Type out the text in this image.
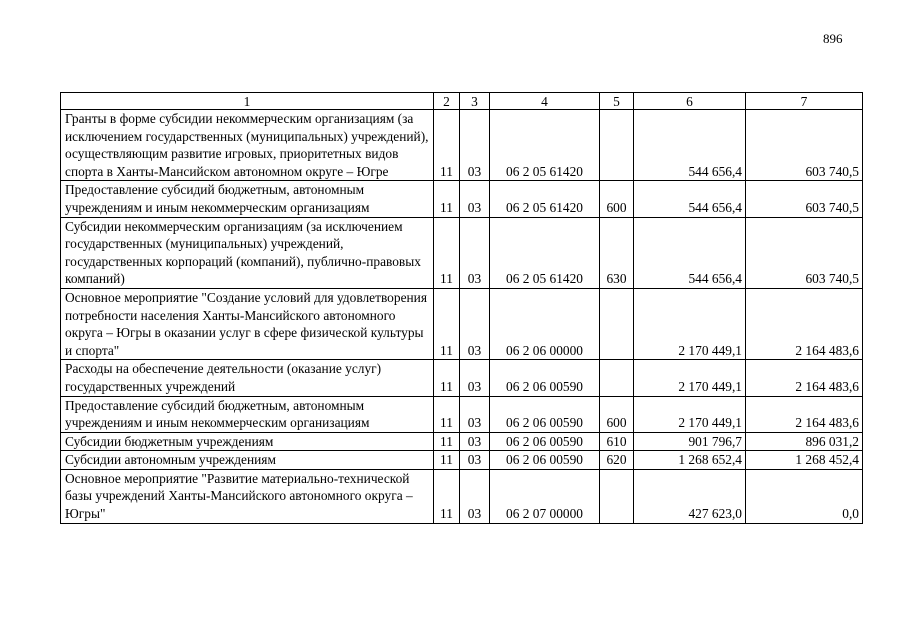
896
1	2	3	4	5	6	7
Гранты в форме субсидии некоммерческим организациям (за исключением государственных (муниципальных) учреждений), осуществляющим развитие игровых, приоритетных видов спорта в Ханты-Мансийском автономном округе – Югре	11	03	06 2 05 61420		544 656,4	603 740,5
Предоставление субсидий бюджетным, автономным учреждениям и иным некоммерческим организациям	11	03	06 2 05 61420	600	544 656,4	603 740,5
Субсидии некоммерческим организациям (за исключением государственных (муниципальных) учреждений, государственных корпораций (компаний), публично-правовых компаний)	11	03	06 2 05 61420	630	544 656,4	603 740,5
Основное мероприятие "Создание условий для удовлетворения потребности населения Ханты-Мансийского автономного округа – Югры в оказании услуг в сфере физической культуры и спорта"	11	03	06 2 06 00000		2 170 449,1	2 164 483,6
Расходы на обеспечение деятельности (оказание услуг) государственных учреждений	11	03	06 2 06 00590		2 170 449,1	2 164 483,6
Предоставление субсидий бюджетным, автономным учреждениям и иным некоммерческим организациям	11	03	06 2 06 00590	600	2 170 449,1	2 164 483,6
Субсидии бюджетным учреждениям	11	03	06 2 06 00590	610	901 796,7	896 031,2
Субсидии автономным учреждениям	11	03	06 2 06 00590	620	1 268 652,4	1 268 452,4
Основное мероприятие "Развитие материально-технической базы учреждений Ханты-Мансийского автономного округа – Югры"	11	03	06 2 07 00000		427 623,0	0,0
